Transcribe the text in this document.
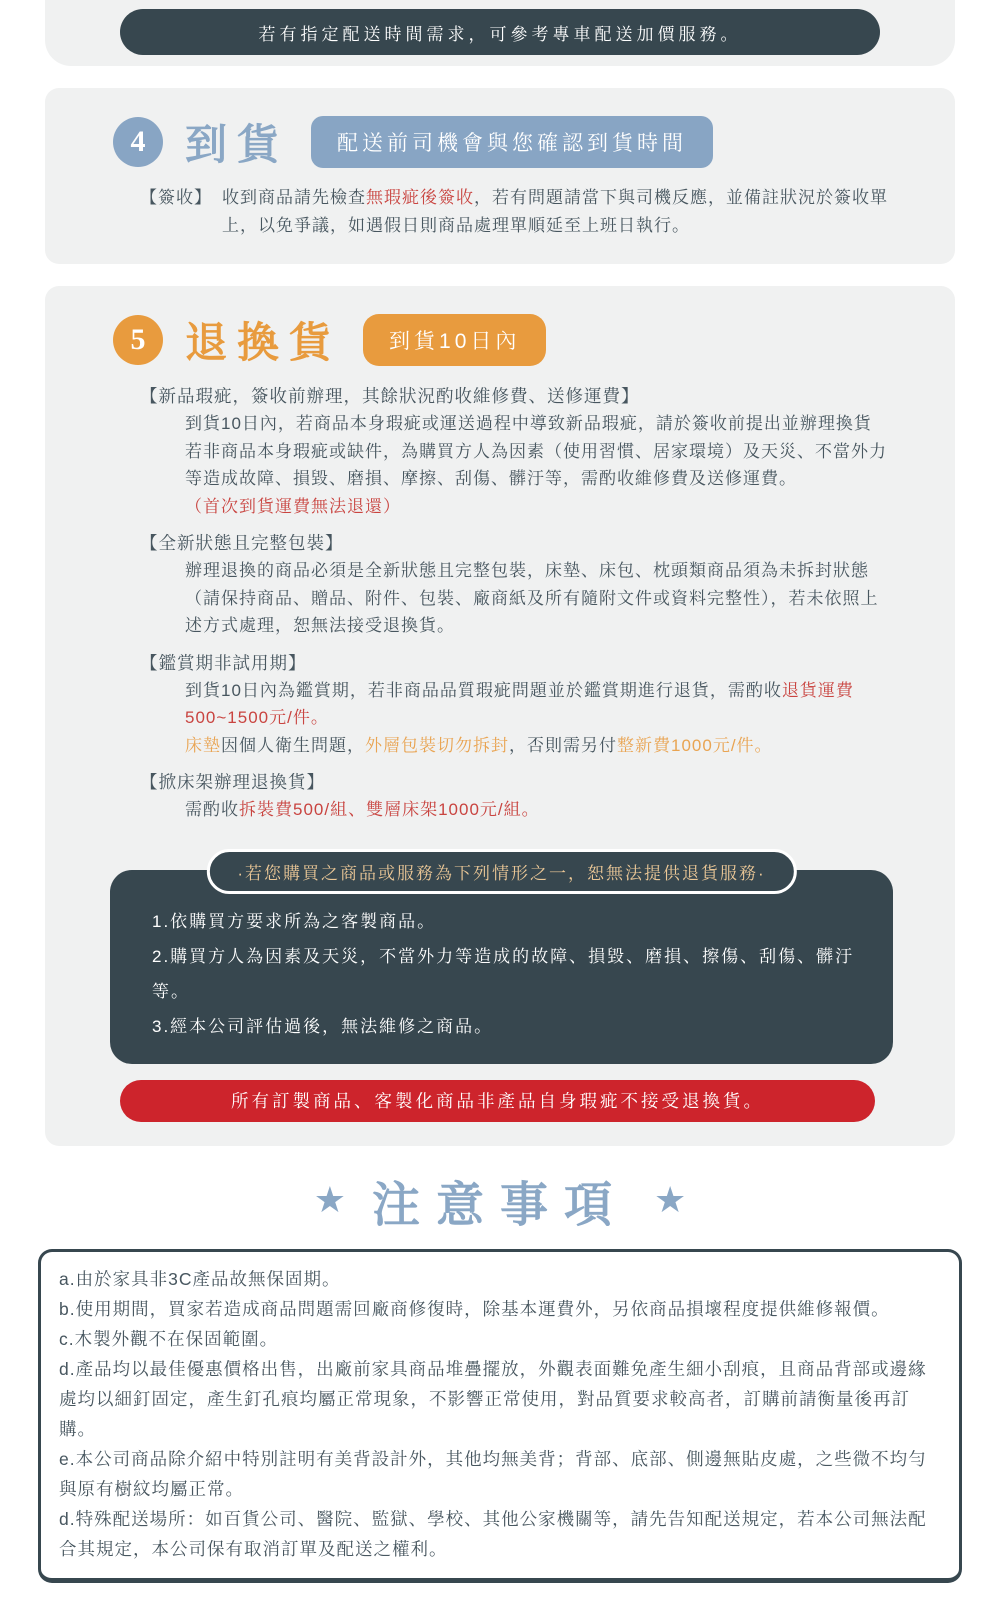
若有指定配送時間需求，可參考專車配送加價服務。
4 到貨	配送前司機會與您確認到貨時間
【簽收】 收到商品請先檢查無瑕疵後簽收，若有問題請當下與司機反應，並備註狀況於簽收單上，以免爭議，如遇假日則商品處理單順延至上班日執行。
5 退換貨	到貨10日內
【新品瑕疵，簽收前辦理，其餘狀況酌收維修費、送修運費】
到貨10日內，若商品本身瑕疵或運送過程中導致新品瑕疵，請於簽收前提出並辦理換貨
若非商品本身瑕疵或缺件，為購買方人為因素（使用習慣、居家環境）及天災、不當外力
等造成故障、損毀、磨損、摩擦、刮傷、髒汙等，需酌收維修費及送修運費。
（首次到貨運費無法退還）
【全新狀態且完整包裝】
辦理退換的商品必須是全新狀態且完整包裝，床墊、床包、枕頭類商品須為未拆封狀態
（請保持商品、贈品、附件、包裝、廠商紙及所有隨附文件或資料完整性），若未依照上
述方式處理，恕無法接受退換貨。
【鑑賞期非試用期】
到貨10日內為鑑賞期，若非商品品質瑕疵問題並於鑑賞期進行退貨，需酌收退貨運費
500~1500元/件。
床墊因個人衛生問題，外層包裝切勿拆封，否則需另付整新費1000元/件。
【掀床架辦理退換貨】
需酌收拆裝費500/組、雙層床架1000元/組。
·若您購買之商品或服務為下列情形之一，恕無法提供退貨服務·
1.依購買方要求所為之客製商品。
2.購買方人為因素及天災，不當外力等造成的故障、損毀、磨損、擦傷、刮傷、髒汙等。
3.經本公司評估過後，無法維修之商品。
所有訂製商品、客製化商品非產品自身瑕疵不接受退換貨。
★ 注意事項 ★
a.由於家具非3C產品故無保固期。
b.使用期間，買家若造成商品問題需回廠商修復時，除基本運費外，另依商品損壞程度提供維修報價。
c.木製外觀不在保固範圍。
d.產品均以最佳優惠價格出售，出廠前家具商品堆疊擺放，外觀表面難免產生細小刮痕，且商品背部或邊緣處均以細釘固定，產生釘孔痕均屬正常現象，不影響正常使用，對品質要求較高者，訂購前請衡量後再訂購。
e.本公司商品除介紹中特別註明有美背設計外，其他均無美背；背部、底部、側邊無貼皮處，之些微不均勻與原有樹紋均屬正常。
d.特殊配送場所：如百貨公司、醫院、監獄、學校、其他公家機關等，請先告知配送規定，若本公司無法配合其規定，本公司保有取消訂單及配送之權利。
